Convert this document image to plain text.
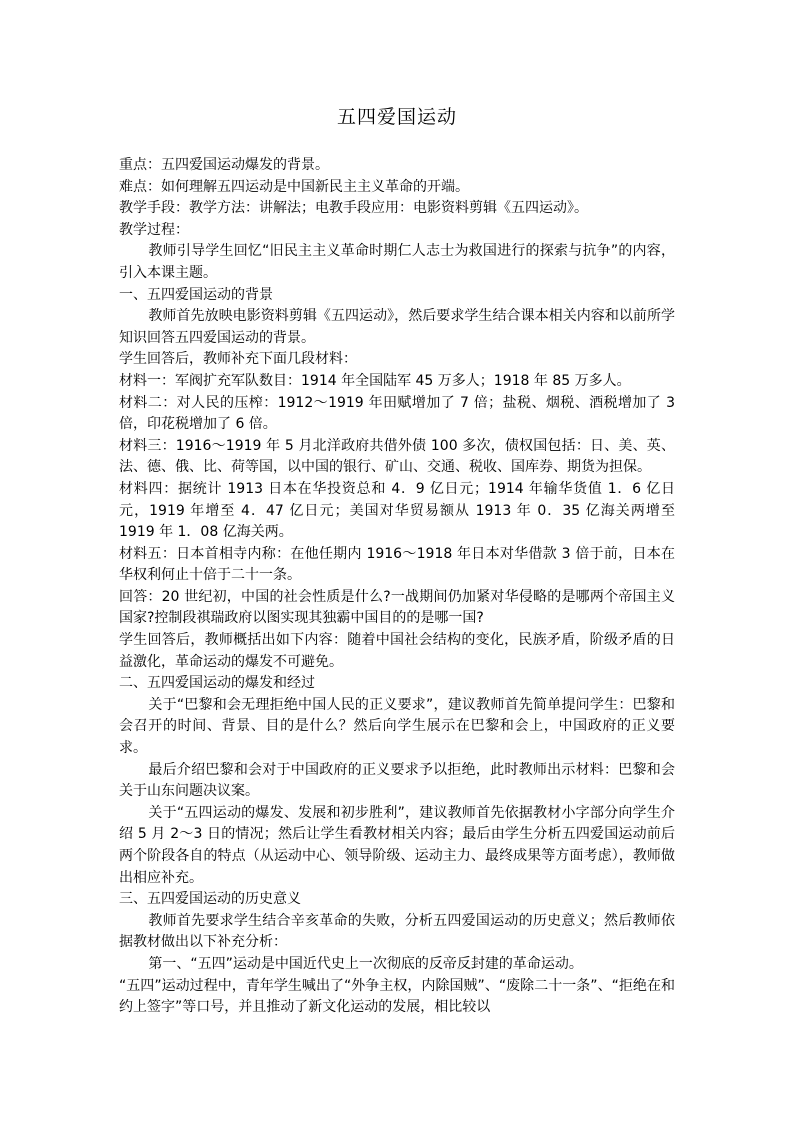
五四爱国运动

重点：五四爱国运动爆发的背景。

难点：如何理解五四运动是中国新民主主义革命的开端。

教学手段：教学方法：讲解法；电教手段应用：电影资料剪辑《五四运动》。

教学过程：

教师引导学生回忆“旧民主主义革命时期仁人志士为救国进行的探索与抗争”的内容，引入本课主题。

一、五四爱国运动的背景

教师首先放映电影资料剪辑《五四运动》，然后要求学生结合课本相关内容和以前所学知识回答五四爱国运动的背景。

学生回答后，教师补充下面几段材料：

材料一：军阀扩充军队数目：1914 年全国陆军 45 万多人；1918 年 85 万多人。

材料二：对人民的压榨：1912～1919 年田赋增加了 7 倍；盐税、烟税、酒税增加了 3 倍，印花税增加了 6 倍。

材料三：1916～1919 年 5 月北洋政府共借外债 100 多次，债权国包括：日、美、英、法、德、俄、比、荷等国，以中国的银行、矿山、交通、税收、国库券、期货为担保。

材料四：据统计 1913 日本在华投资总和 4．9 亿日元；1914 年输华货值 1．6 亿日元，1919 年增至 4．47 亿日元；美国对华贸易额从 1913 年 0．35 亿海关两增至 1919 年 1．08 亿海关两。

材料五：日本首相寺内称：在他任期内 1916～1918 年日本对华借款 3 倍于前，日本在华权利何止十倍于二十一条。

回答：20 世纪初，中国的社会性质是什么?一战期间仍加紧对华侵略的是哪两个帝国主义国家?控制段祺瑞政府以图实现其独霸中国目的的是哪一国?

学生回答后，教师概括出如下内容：随着中国社会结构的变化，民族矛盾，阶级矛盾的日益激化，革命运动的爆发不可避免。

二、五四爱国运动的爆发和经过

关于“巴黎和会无理拒绝中国人民的正义要求”，建议教师首先简单提问学生：巴黎和会召开的时间、背景、目的是什么？然后向学生展示在巴黎和会上，中国政府的正义要求。

最后介绍巴黎和会对于中国政府的正义要求予以拒绝，此时教师出示材料：巴黎和会关于山东问题决议案。

关于“五四运动的爆发、发展和初步胜利”，建议教师首先依据教材小字部分向学生介绍 5 月 2～3 日的情况；然后让学生看教材相关内容；最后由学生分析五四爱国运动前后两个阶段各自的特点（从运动中心、领导阶级、运动主力、最终成果等方面考虑），教师做出相应补充。

三、五四爱国运动的历史意义

教师首先要求学生结合辛亥革命的失败，分析五四爱国运动的历史意义；然后教师依据教材做出以下补充分析：

第一、“五四”运动是中国近代史上一次彻底的反帝反封建的革命运动。

“五四”运动过程中，青年学生喊出了“外争主权，内除国贼”、“废除二十一条”、“拒绝在和约上签字”等口号，并且推动了新文化运动的发展，相比较以
